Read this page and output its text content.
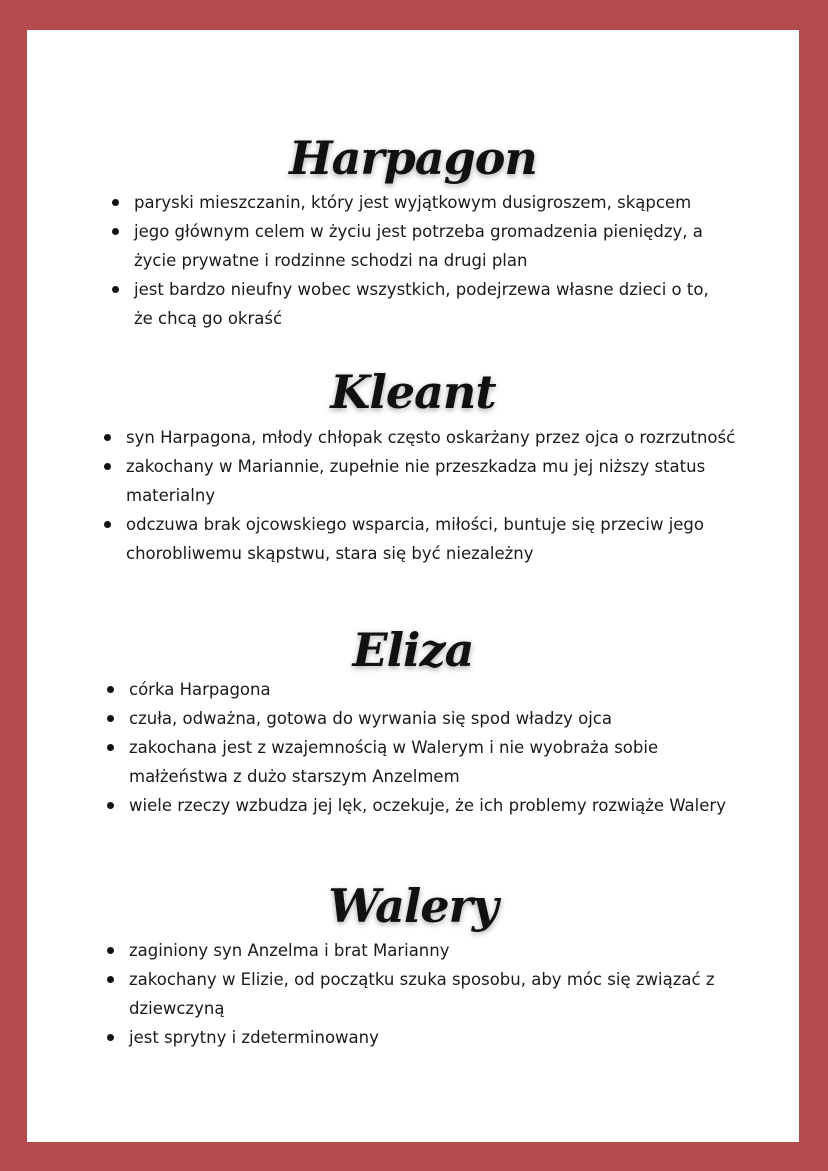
Harpagon
paryski mieszczanin, który jest wyjątkowym dusigroszem, skąpcem
jego głównym celem w życiu jest potrzeba gromadzenia pieniędzy, a życie prywatne i rodzinne schodzi na drugi plan
jest bardzo nieufny wobec wszystkich, podejrzewa własne dzieci o to, że chcą go okraść
Kleant
syn Harpagona, młody chłopak często oskarżany przez ojca o rozrzutność
zakochany w Mariannie, zupełnie nie przeszkadza mu jej niższy status materialny
odczuwa brak ojcowskiego wsparcia, miłości, buntuje się przeciw jego chorobliwemu skąpstwu, stara się być niezależny
Eliza
córka Harpagona
czuła, odważna, gotowa do wyrwania się spod władzy ojca
zakochana jest z wzajemnością w Walerym i nie wyobraża sobie małżeństwa z dużo starszym Anzelmem
wiele rzeczy wzbudza jej lęk, oczekuje, że ich problemy rozwiąże Walery
Walery
zaginiony syn Anzelma i brat Marianny
zakochany w Elizie, od początku szuka sposobu, aby móc się związać z dziewczyną
jest sprytny i zdeterminowany
